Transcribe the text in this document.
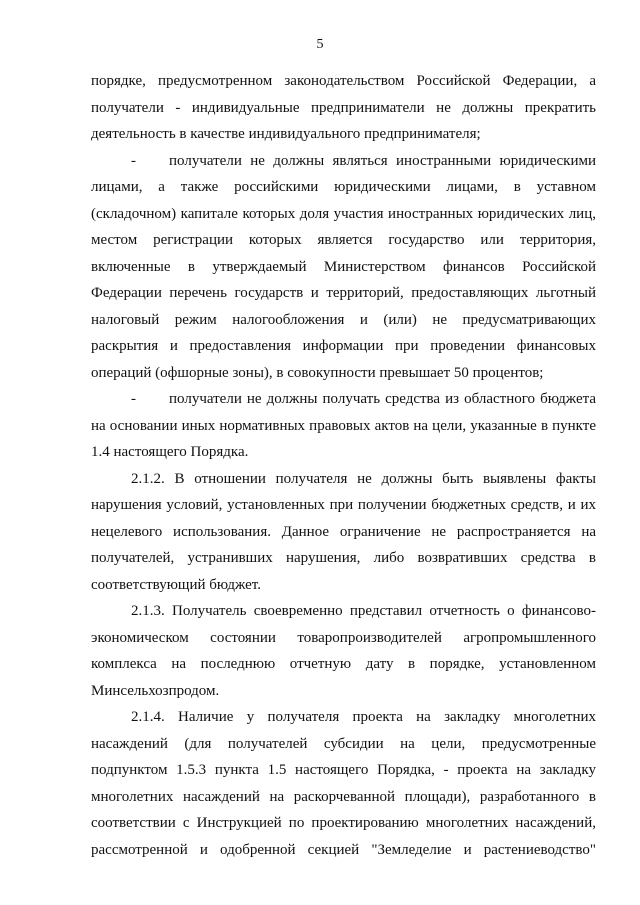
5

порядке, предусмотренном законодательством Российской Федерации, а получатели - индивидуальные предприниматели не должны прекратить деятельность в качестве индивидуального предпринимателя;

- получатели не должны являться иностранными юридическими лицами, а также российскими юридическими лицами, в уставном (складочном) капитале которых доля участия иностранных юридических лиц, местом регистрации которых является государство или территория, включенные в утверждаемый Министерством финансов Российской Федерации перечень государств и территорий, предоставляющих льготный налоговый режим налогообложения и (или) не предусматривающих раскрытия и предоставления информации при проведении финансовых операций (офшорные зоны), в совокупности превышает 50 процентов;

- получатели не должны получать средства из областного бюджета на основании иных нормативных правовых актов на цели, указанные в пункте 1.4 настоящего Порядка.

2.1.2. В отношении получателя не должны быть выявлены факты нарушения условий, установленных при получении бюджетных средств, и их нецелевого использования. Данное ограничение не распространяется на получателей, устранивших нарушения, либо возвративших средства в соответствующий бюджет.

2.1.3. Получатель своевременно представил отчетность о финансово-экономическом состоянии товаропроизводителей агропромышленного комплекса на последнюю отчетную дату в порядке, установленном Минсельхозпродом.

2.1.4. Наличие у получателя проекта на закладку многолетних насаждений (для получателей субсидии на цели, предусмотренные подпунктом 1.5.3 пункта 1.5 настоящего Порядка, - проекта на закладку многолетних насаждений на раскорчеванной площади), разработанного в соответствии с Инструкцией по проектированию многолетних насаждений, рассмотренной и одобренной секцией "Земледелие и растениеводство"
